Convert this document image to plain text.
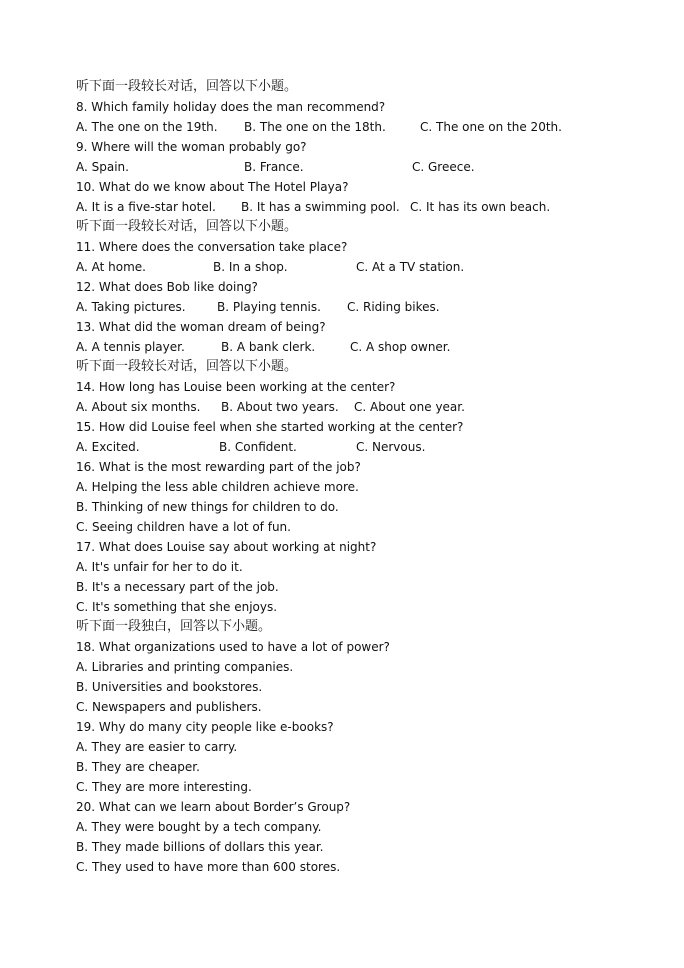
听下面一段较长对话，回答以下小题。
8. Which family holiday does the man recommend?
A. The one on the 19th. B. The one on the 18th.	C. The one on the 20th.
9. Where will the woman probably go?
A. Spain.	B. France.	C. Greece.
10. What do we know about The Hotel Playa?
A. It is a five-star hotel. B. It has a swimming pool. C. It has its own beach.
听下面一段较长对话，回答以下小题。
11. Where does the conversation take place?
A. At home.	B. In a shop.	C. At a TV station.
12. What does Bob like doing?
A. Taking pictures.	B. Playing tennis. C. Riding bikes.
13. What did the woman dream of being?
A. A tennis player.	B. A bank clerk.	C. A shop owner.
听下面一段较长对话，回答以下小题。
14. How long has Louise been working at the center?
A. About six months. B. About two years. C. About one year.
15. How did Louise feel when she started working at the center?
A. Excited.	B. Confident.	C. Nervous.
16. What is the most rewarding part of the job?
A. Helping the less able children achieve more.
B. Thinking of new things for children to do.
C. Seeing children have a lot of fun.
17. What does Louise say about working at night?
A. It's unfair for her to do it.
B. It's a necessary part of the job.
C. It's something that she enjoys.
听下面一段独白，回答以下小题。
18. What organizations used to have a lot of power?
A. Libraries and printing companies.
B. Universities and bookstores.
C. Newspapers and publishers.
19. Why do many city people like e-books?
A. They are easier to carry.
B. They are cheaper.
C. They are more interesting.
20. What can we learn about Border’s Group?
A. They were bought by a tech company.
B. They made billions of dollars this year.
C. They used to have more than 600 stores.
